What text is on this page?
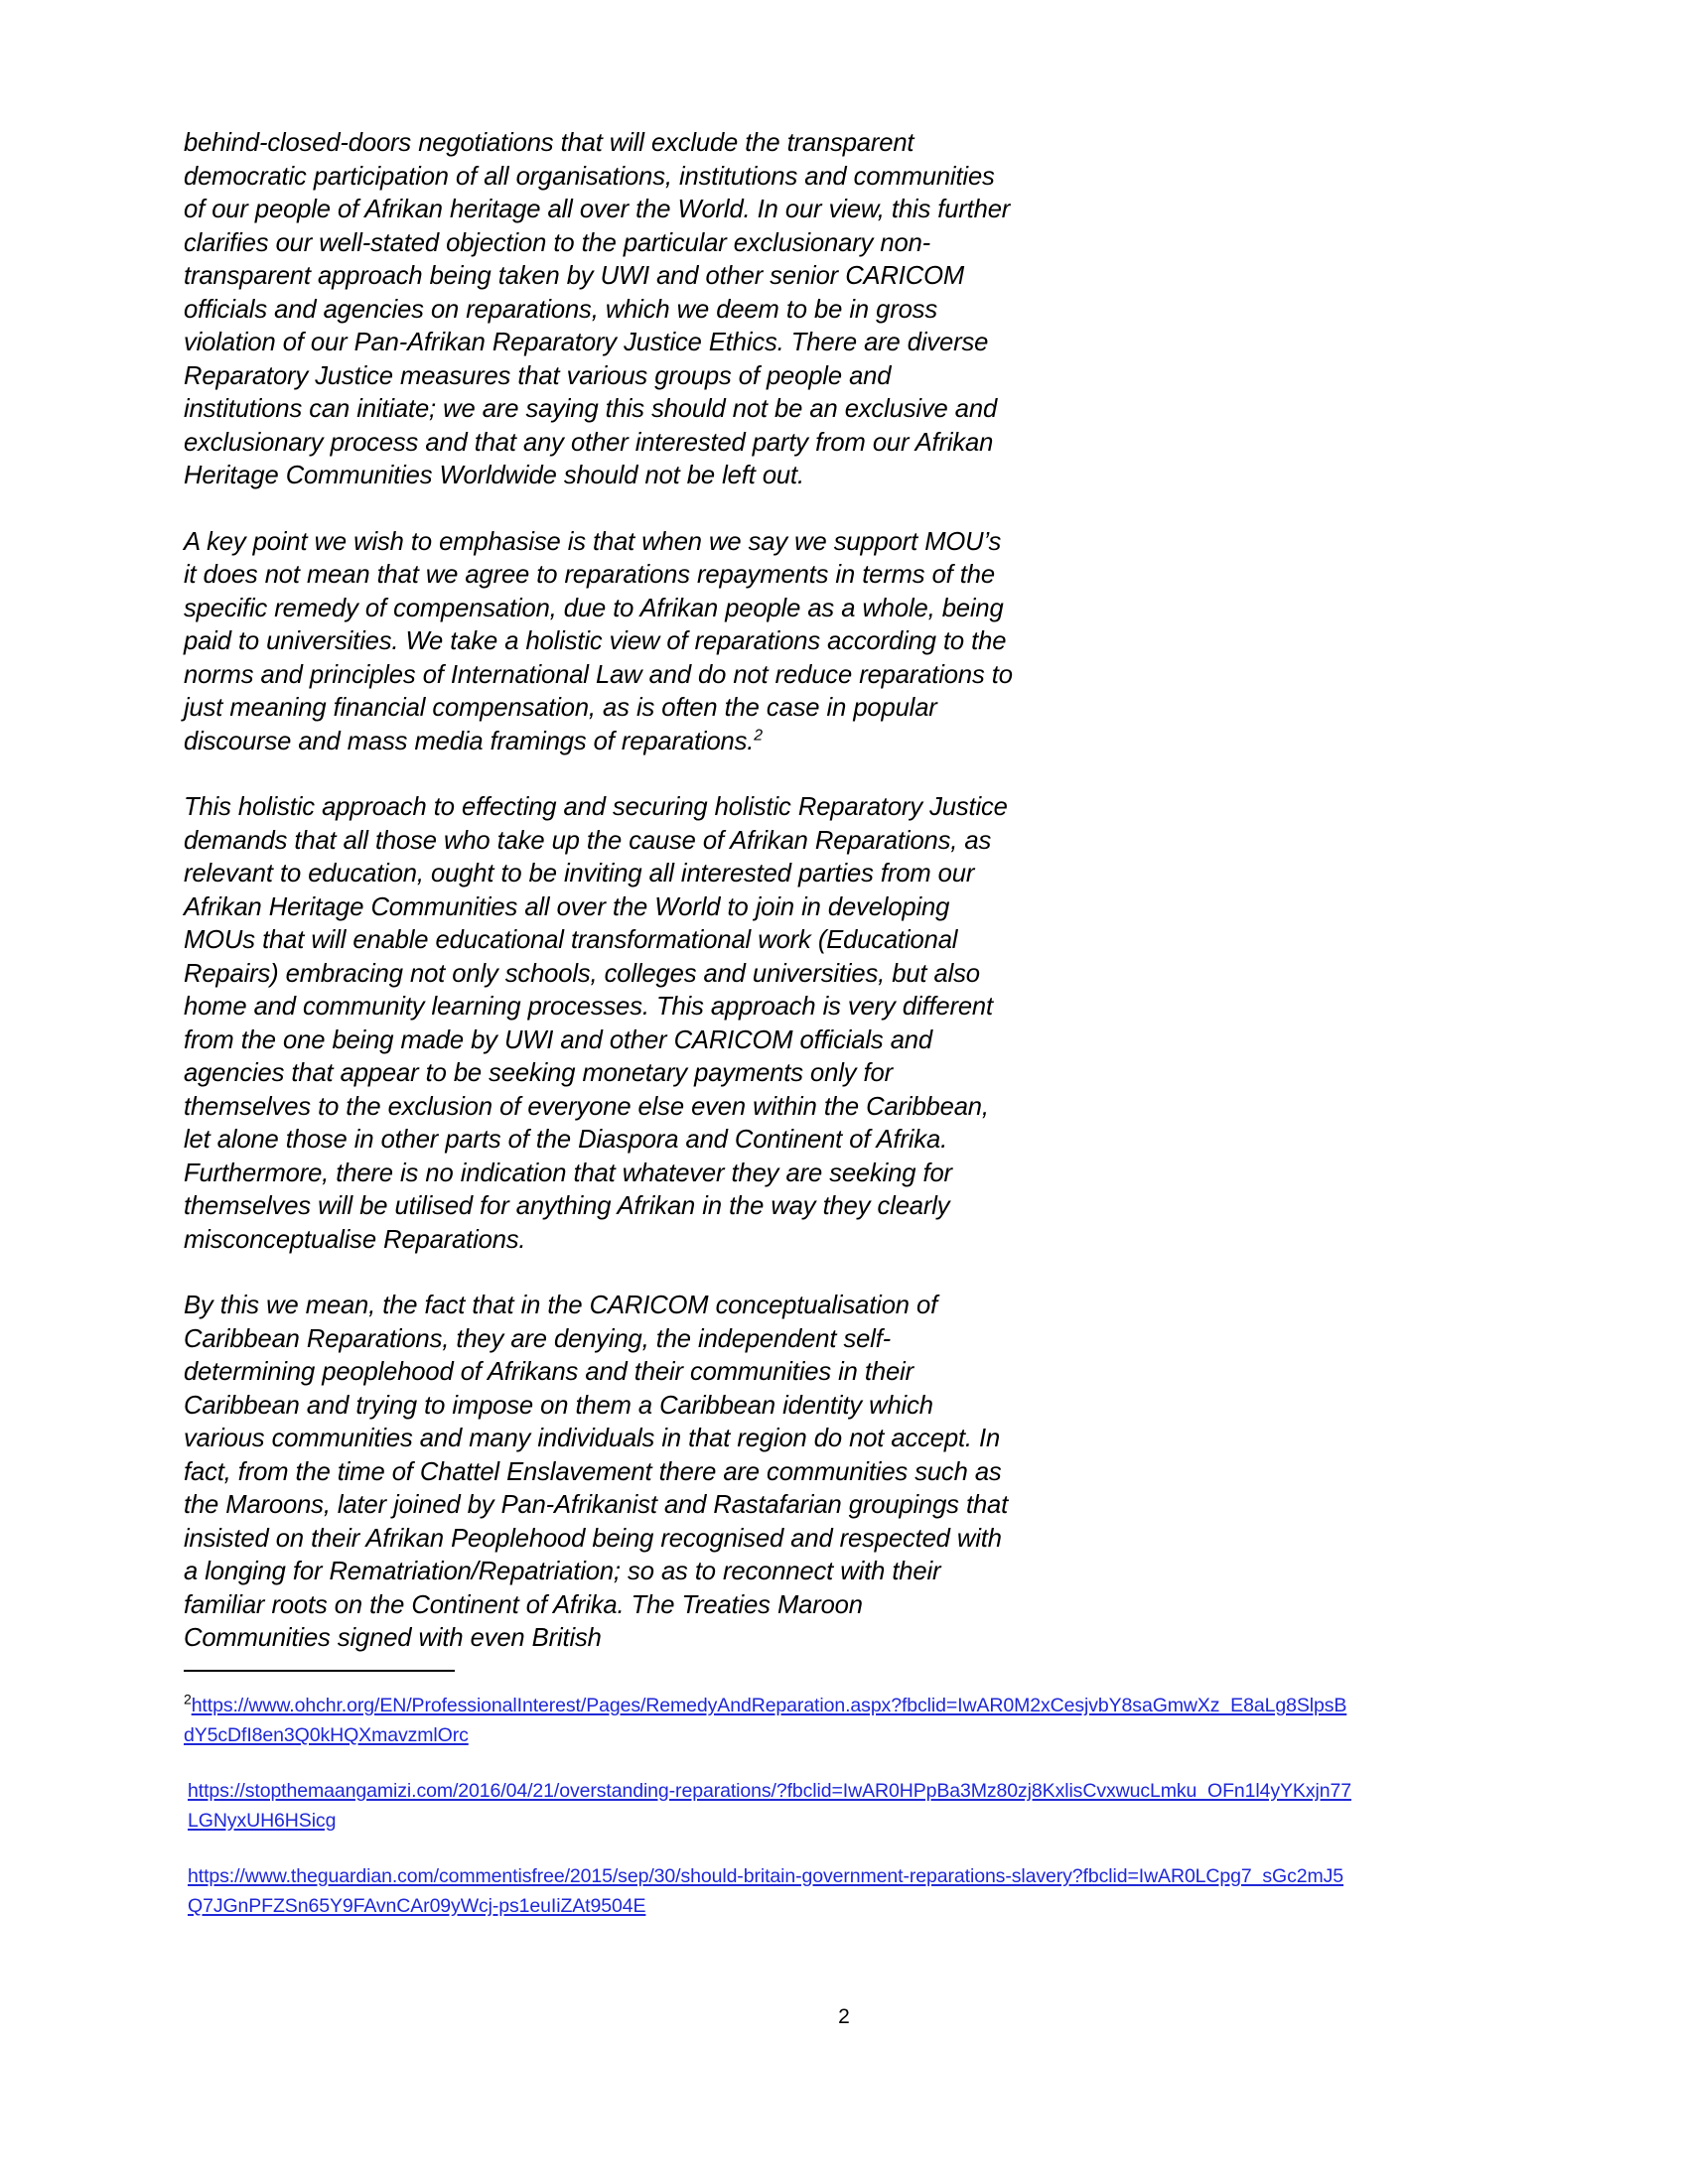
behind-closed-doors negotiations that will exclude the transparent democratic participation of all organisations, institutions and communities of our people of Afrikan heritage all over the World. In our view, this further clarifies our well-stated objection to the particular exclusionary non-transparent approach being taken by UWI and other senior CARICOM officials and agencies on reparations, which we deem to be in gross violation of our Pan-Afrikan Reparatory Justice Ethics. There are diverse Reparatory Justice measures that various groups of people and institutions can initiate; we are saying this should not be an exclusive and exclusionary process and that any other interested party from our Afrikan Heritage Communities Worldwide should not be left out.

A key point we wish to emphasise is that when we say we support MOU’s it does not mean that we agree to reparations repayments in terms of the specific remedy of compensation, due to Afrikan people as a whole, being paid to universities. We take a holistic view of reparations according to the norms and principles of International Law and do not reduce reparations to just meaning financial compensation, as is often the case in popular discourse and mass media framings of reparations.$^2$

This holistic approach to effecting and securing holistic Reparatory Justice demands that all those who take up the cause of Afrikan Reparations, as relevant to education, ought to be inviting all interested parties from our Afrikan Heritage Communities all over the World to join in developing MOUs that will enable educational transformational work (Educational Repairs) embracing not only schools, colleges and universities, but also home and community learning processes. This approach is very different from the one being made by UWI and other CARICOM officials and agencies that appear to be seeking monetary payments only for themselves to the exclusion of everyone else even within the Caribbean, let alone those in other parts of the Diaspora and Continent of Afrika. Furthermore, there is no indication that whatever they are seeking for themselves will be utilised for anything Afrikan in the way they clearly misconceptualise Reparations.

By this we mean, the fact that in the CARICOM conceptualisation of Caribbean Reparations, they are denying, the independent self-determining peoplehood of Afrikans and their communities in their Caribbean and trying to impose on them a Caribbean identity which various communities and many individuals in that region do not accept. In fact, from the time of Chattel Enslavement there are communities such as the Maroons, later joined by Pan-Afrikanist and Rastafarian groupings that insisted on their Afrikan Peoplehood being recognised and respected with a longing for Rematriation/Repatriation; so as to reconnect with their familiar roots on the Continent of Afrika. The Treaties Maroon Communities signed with even British

$^2$https://www.ohchr.org/EN/ProfessionalInterest/Pages/RemedyAndReparation.aspx?fbclid=IwAR0M2xCesjvbY8saGmwXz_E8aLg8SlpsBdY5cDfI8en3Q0kHQXmavzmlOrc
https://stopthemaangamizi.com/2016/04/21/overstanding-reparations/?fbclid=IwAR0HPpBa3Mz80zj8KxlisCvxwucLmku_OFn1l4yYKxjn77LGNyxUH6HSicg
https://www.theguardian.com/commentisfree/2015/sep/30/should-britain-government-reparations-slavery?fbclid=IwAR0LCpg7_sGc2mJ5Q7JGnPFZSn65Y9FAvnCAr09yWcj-ps1euIiZAt9504E
2
